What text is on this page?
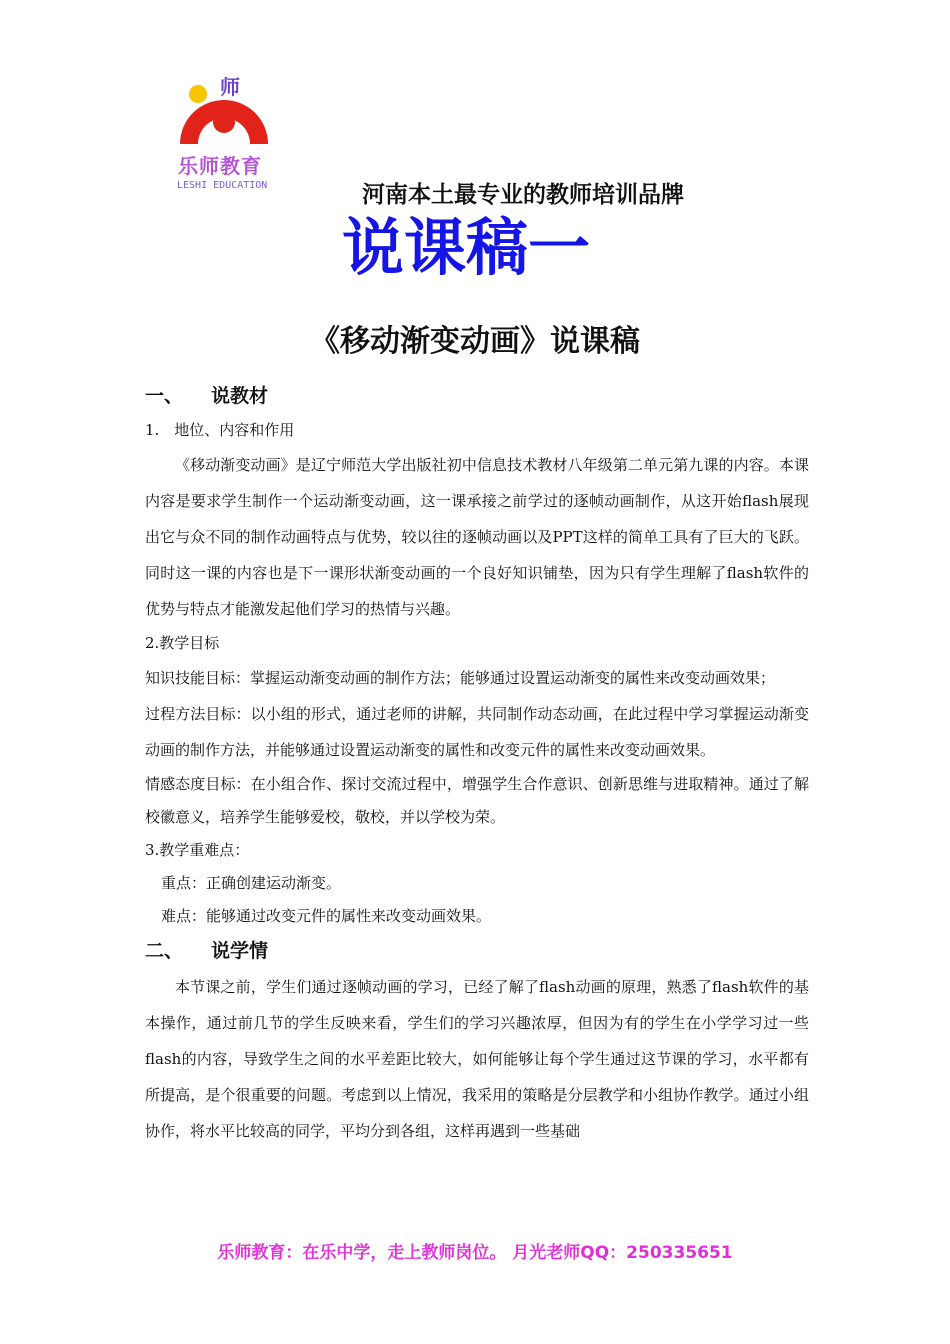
师
乐师教育
LESHI EDUCATION	河南本土最专业的教师培训品牌
说课稿一
《移动渐变动画》说课稿
一、 说教材

1.　地位、内容和作用

《移动渐变动画》是辽宁师范大学出版社初中信息技术教材八年级第二单元第九课的内容。本课内容是要求学生制作一个运动渐变动画，这一课承接之前学过的逐帧动画制作，从这开始flash展现出它与众不同的制作动画特点与优势，较以往的逐帧动画以及PPT这样的简单工具有了巨大的飞跃。同时这一课的内容也是下一课形状渐变动画的一个良好知识铺垫，因为只有学生理解了flash软件的优势与特点才能激发起他们学习的热情与兴趣。

2.教学目标

知识技能目标：掌握运动渐变动画的制作方法；能够通过设置运动渐变的属性来改变动画效果；

过程方法目标：以小组的形式，通过老师的讲解，共同制作动态动画，在此过程中学习掌握运动渐变动画的制作方法，并能够通过设置运动渐变的属性和改变元件的属性来改变动画效果。

情感态度目标：在小组合作、探讨交流过程中，增强学生合作意识、创新思维与进取精神。通过了解校徽意义，培养学生能够爱校，敬校，并以学校为荣。

3.教学重难点：

重点：正确创建运动渐变。

难点：能够通过改变元件的属性来改变动画效果。

二、 说学情

本节课之前，学生们通过逐帧动画的学习，已经了解了flash动画的原理，熟悉了flash软件的基本操作，通过前几节的学生反映来看，学生们的学习兴趣浓厚，但因为有的学生在小学学习过一些flash的内容，导致学生之间的水平差距比较大，如何能够让每个学生通过这节课的学习，水平都有所提高，是个很重要的问题。考虑到以上情况，我采用的策略是分层教学和小组协作教学。通过小组协作，将水平比较高的同学，平均分到各组，这样再遇到一些基础

乐师教育：在乐中学，走上教师岗位。 月光老师QQ：250335651
